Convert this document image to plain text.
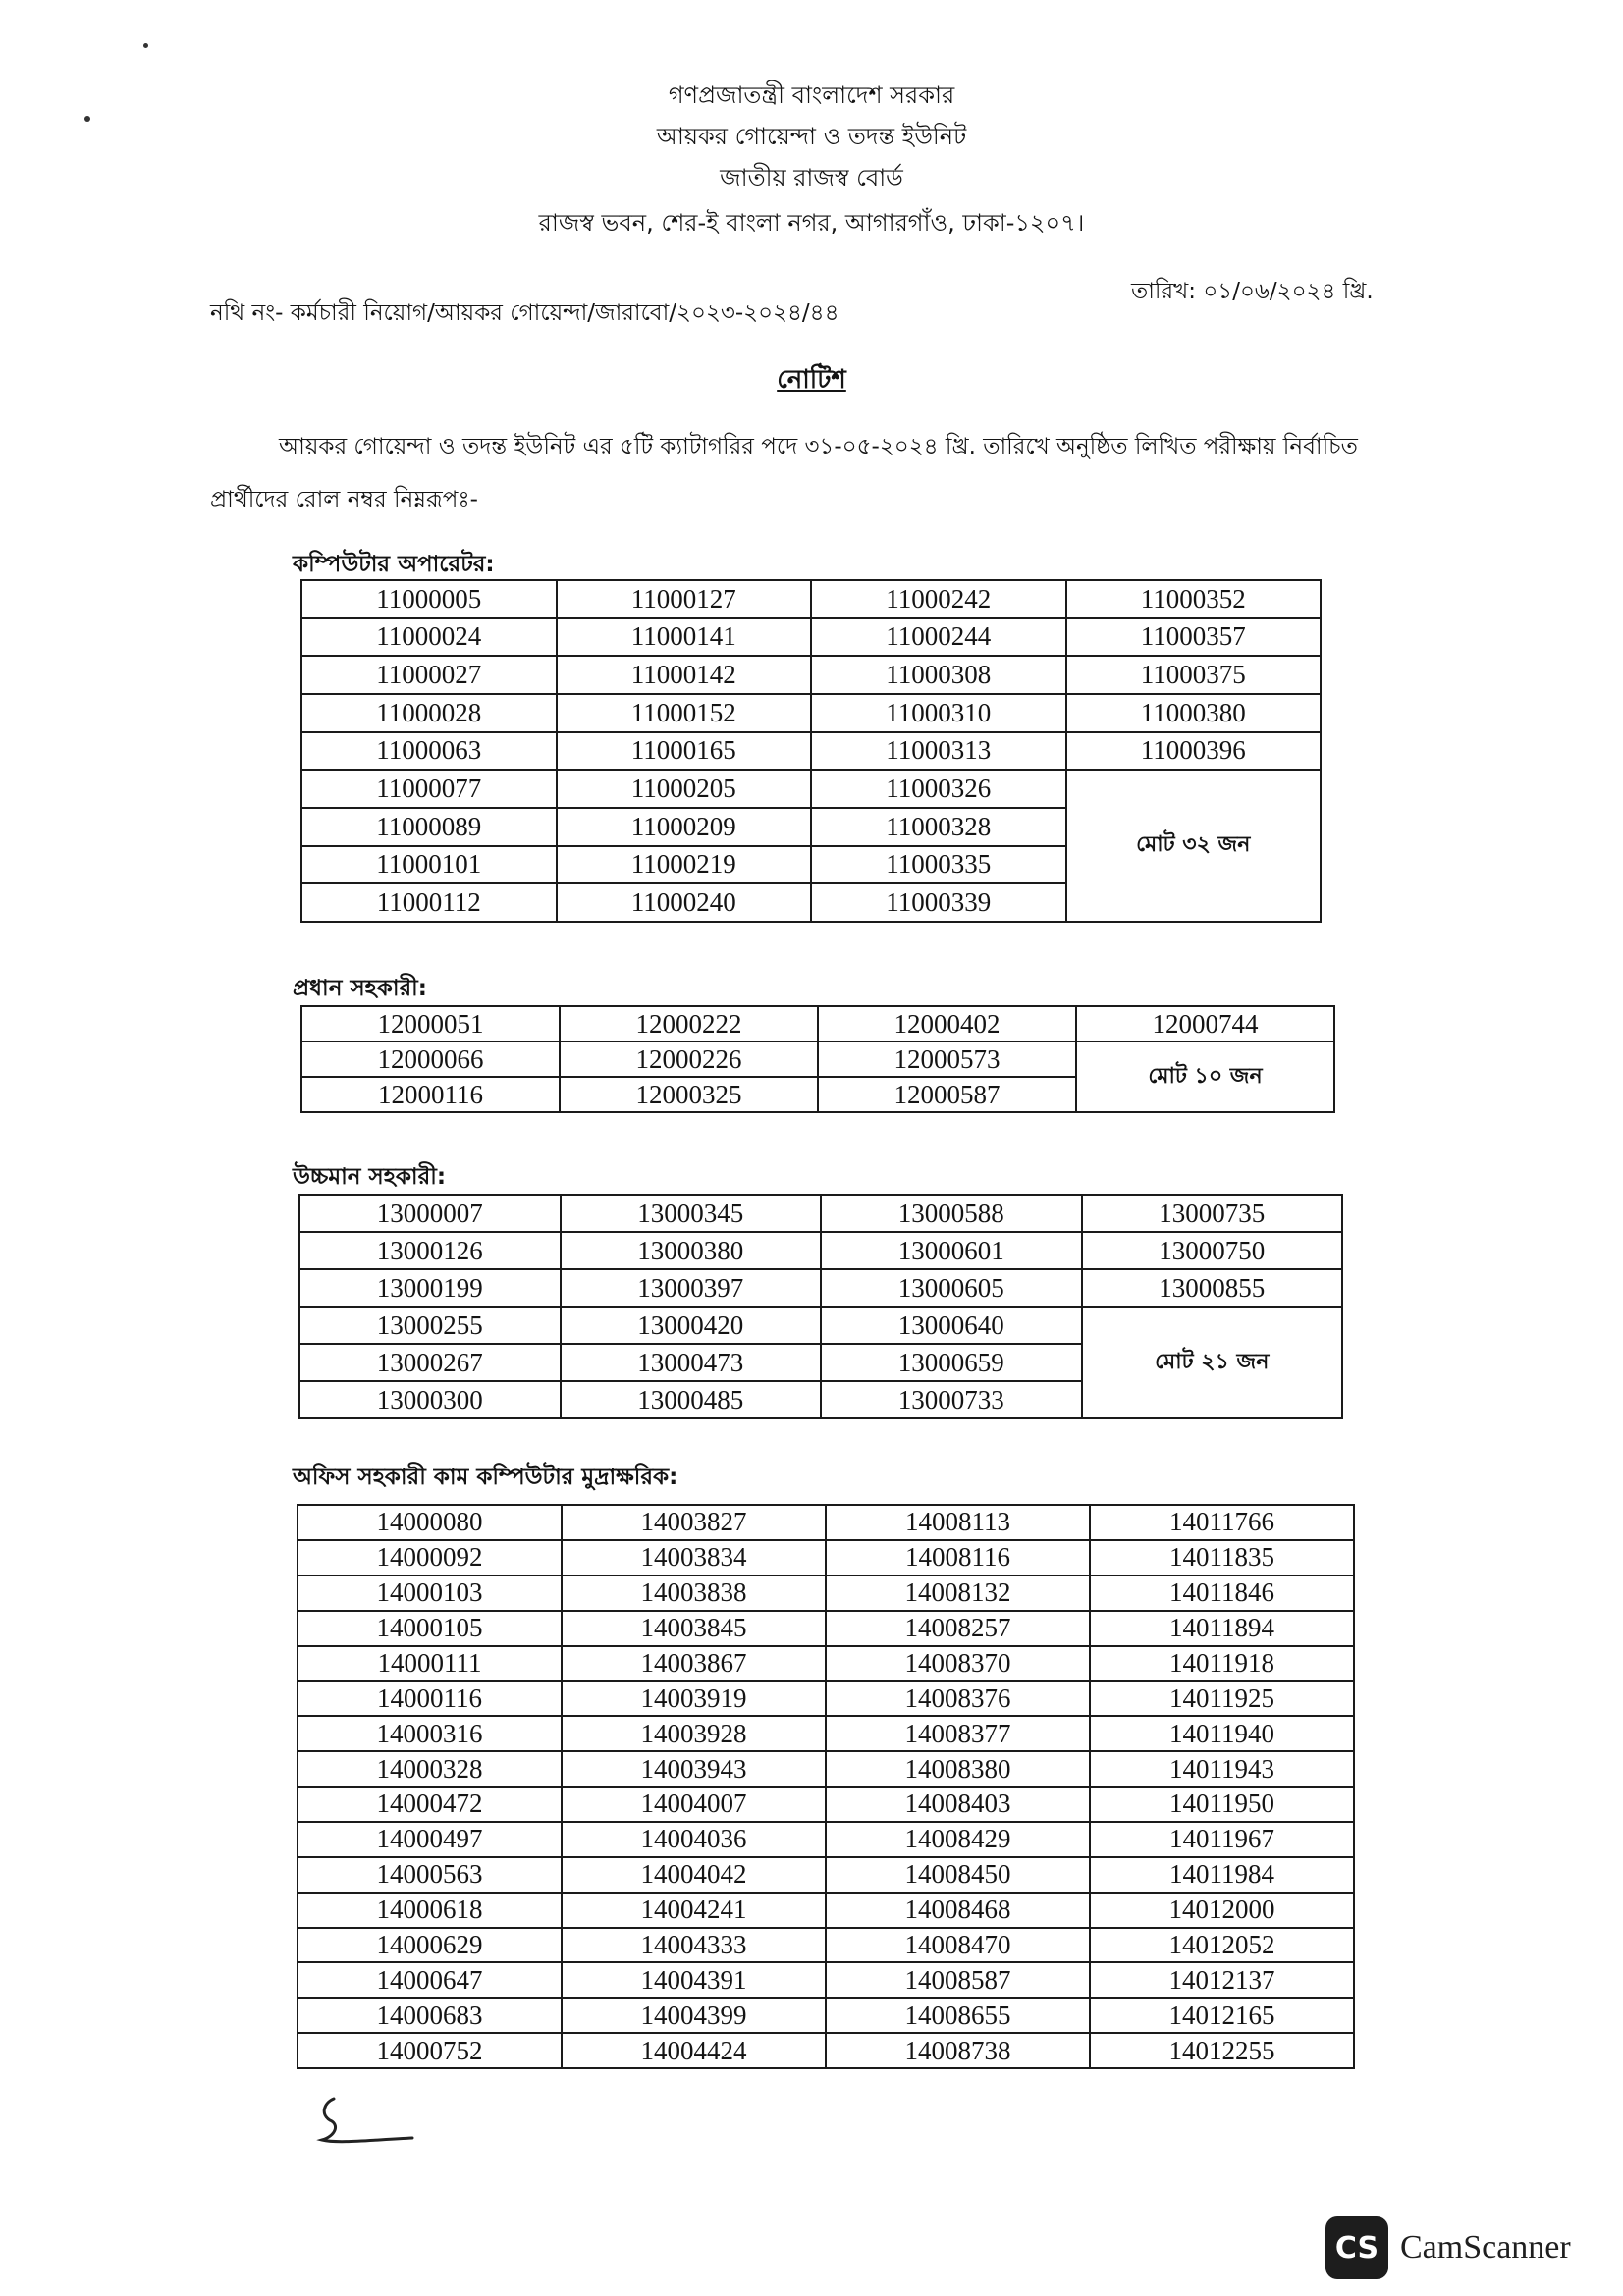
গণপ্রজাতন্ত্রী বাংলাদেশ সরকার
আয়কর গোয়েন্দা ও তদন্ত ইউনিট
জাতীয় রাজস্ব বোর্ড
রাজস্ব ভবন, শের-ই বাংলা নগর, আগারগাঁও, ঢাকা-১২০৭।
নথি নং- কর্মচারী নিয়োগ/আয়কর গোয়েন্দা/জারাবো/২০২৩-২০২৪/৪৪
তারিখ: ০১/০৬/২০২৪ খ্রি.
নোটিশ
আয়কর গোয়েন্দা ও তদন্ত ইউনিট এর ৫টি ক্যাটাগরির পদে ৩১-০৫-২০২৪ খ্রি. তারিখে অনুষ্ঠিত লিখিত পরীক্ষায় নির্বাচিত প্রার্থীদের রোল নম্বর নিম্নরূপঃ-
কম্পিউটার অপারেটর:
11000005	11000127	11000242	11000352
11000024	11000141	11000244	11000357
11000027	11000142	11000308	11000375
11000028	11000152	11000310	11000380
11000063	11000165	11000313	11000396
11000077	11000205	11000326	মোট ৩২ জন
11000089	11000209	11000328	
11000101	11000219	11000335	
11000112	11000240	11000339	
প্রধান সহকারী:
12000051	12000222	12000402	12000744
12000066	12000226	12000573	মোট ১০ জন
12000116	12000325	12000587	
উচ্চমান সহকারী:
13000007	13000345	13000588	13000735
13000126	13000380	13000601	13000750
13000199	13000397	13000605	13000855
13000255	13000420	13000640	মোট ২১ জন
13000267	13000473	13000659	
13000300	13000485	13000733	
অফিস সহকারী কাম কম্পিউটার মুদ্রাক্ষরিক:
14000080	14003827	14008113	14011766
14000092	14003834	14008116	14011835
14000103	14003838	14008132	14011846
14000105	14003845	14008257	14011894
14000111	14003867	14008370	14011918
14000116	14003919	14008376	14011925
14000316	14003928	14008377	14011940
14000328	14003943	14008380	14011943
14000472	14004007	14008403	14011950
14000497	14004036	14008429	14011967
14000563	14004042	14008450	14011984
14000618	14004241	14008468	14012000
14000629	14004333	14008470	14012052
14000647	14004391	14008587	14012137
14000683	14004399	14008655	14012165
14000752	14004424	14008738	14012255
CS CamScanner
